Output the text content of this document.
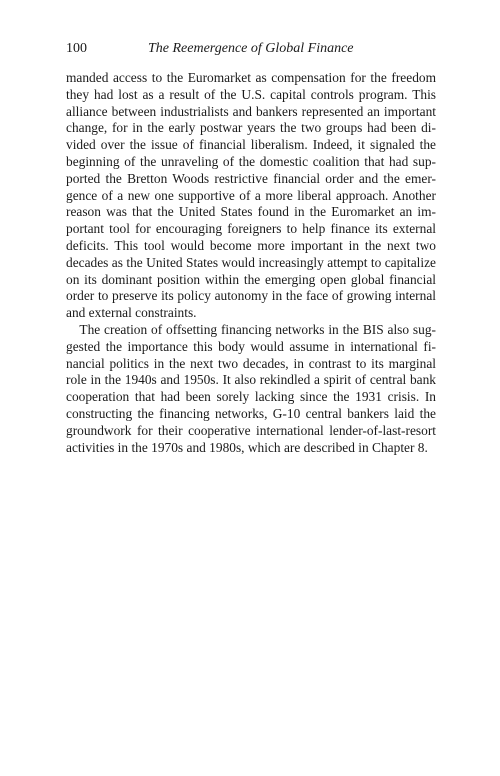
100	The Reemergence of Global Finance
manded access to the Euromarket as compensation for the freedom
they had lost as a result of the U.S. capital controls program. This
alliance between industrialists and bankers represented an important
change, for in the early postwar years the two groups had been di-
vided over the issue of financial liberalism. Indeed, it signaled the
beginning of the unraveling of the domestic coalition that had sup-
ported the Bretton Woods restrictive financial order and the emer-
gence of a new one supportive of a more liberal approach. Another
reason was that the United States found in the Euromarket an im-
portant tool for encouraging foreigners to help finance its external
deficits. This tool would become more important in the next two
decades as the United States would increasingly attempt to capitalize
on its dominant position within the emerging open global financial
order to preserve its policy autonomy in the face of growing internal
and external constraints.
The creation of offsetting financing networks in the BIS also sug-
gested the importance this body would assume in international fi-
nancial politics in the next two decades, in contrast to its marginal
role in the 1940s and 1950s. It also rekindled a spirit of central bank
cooperation that had been sorely lacking since the 1931 crisis. In
constructing the financing networks, G-10 central bankers laid the
groundwork for their cooperative international lender-of-last-resort
activities in the 1970s and 1980s, which are described in Chapter 8.
